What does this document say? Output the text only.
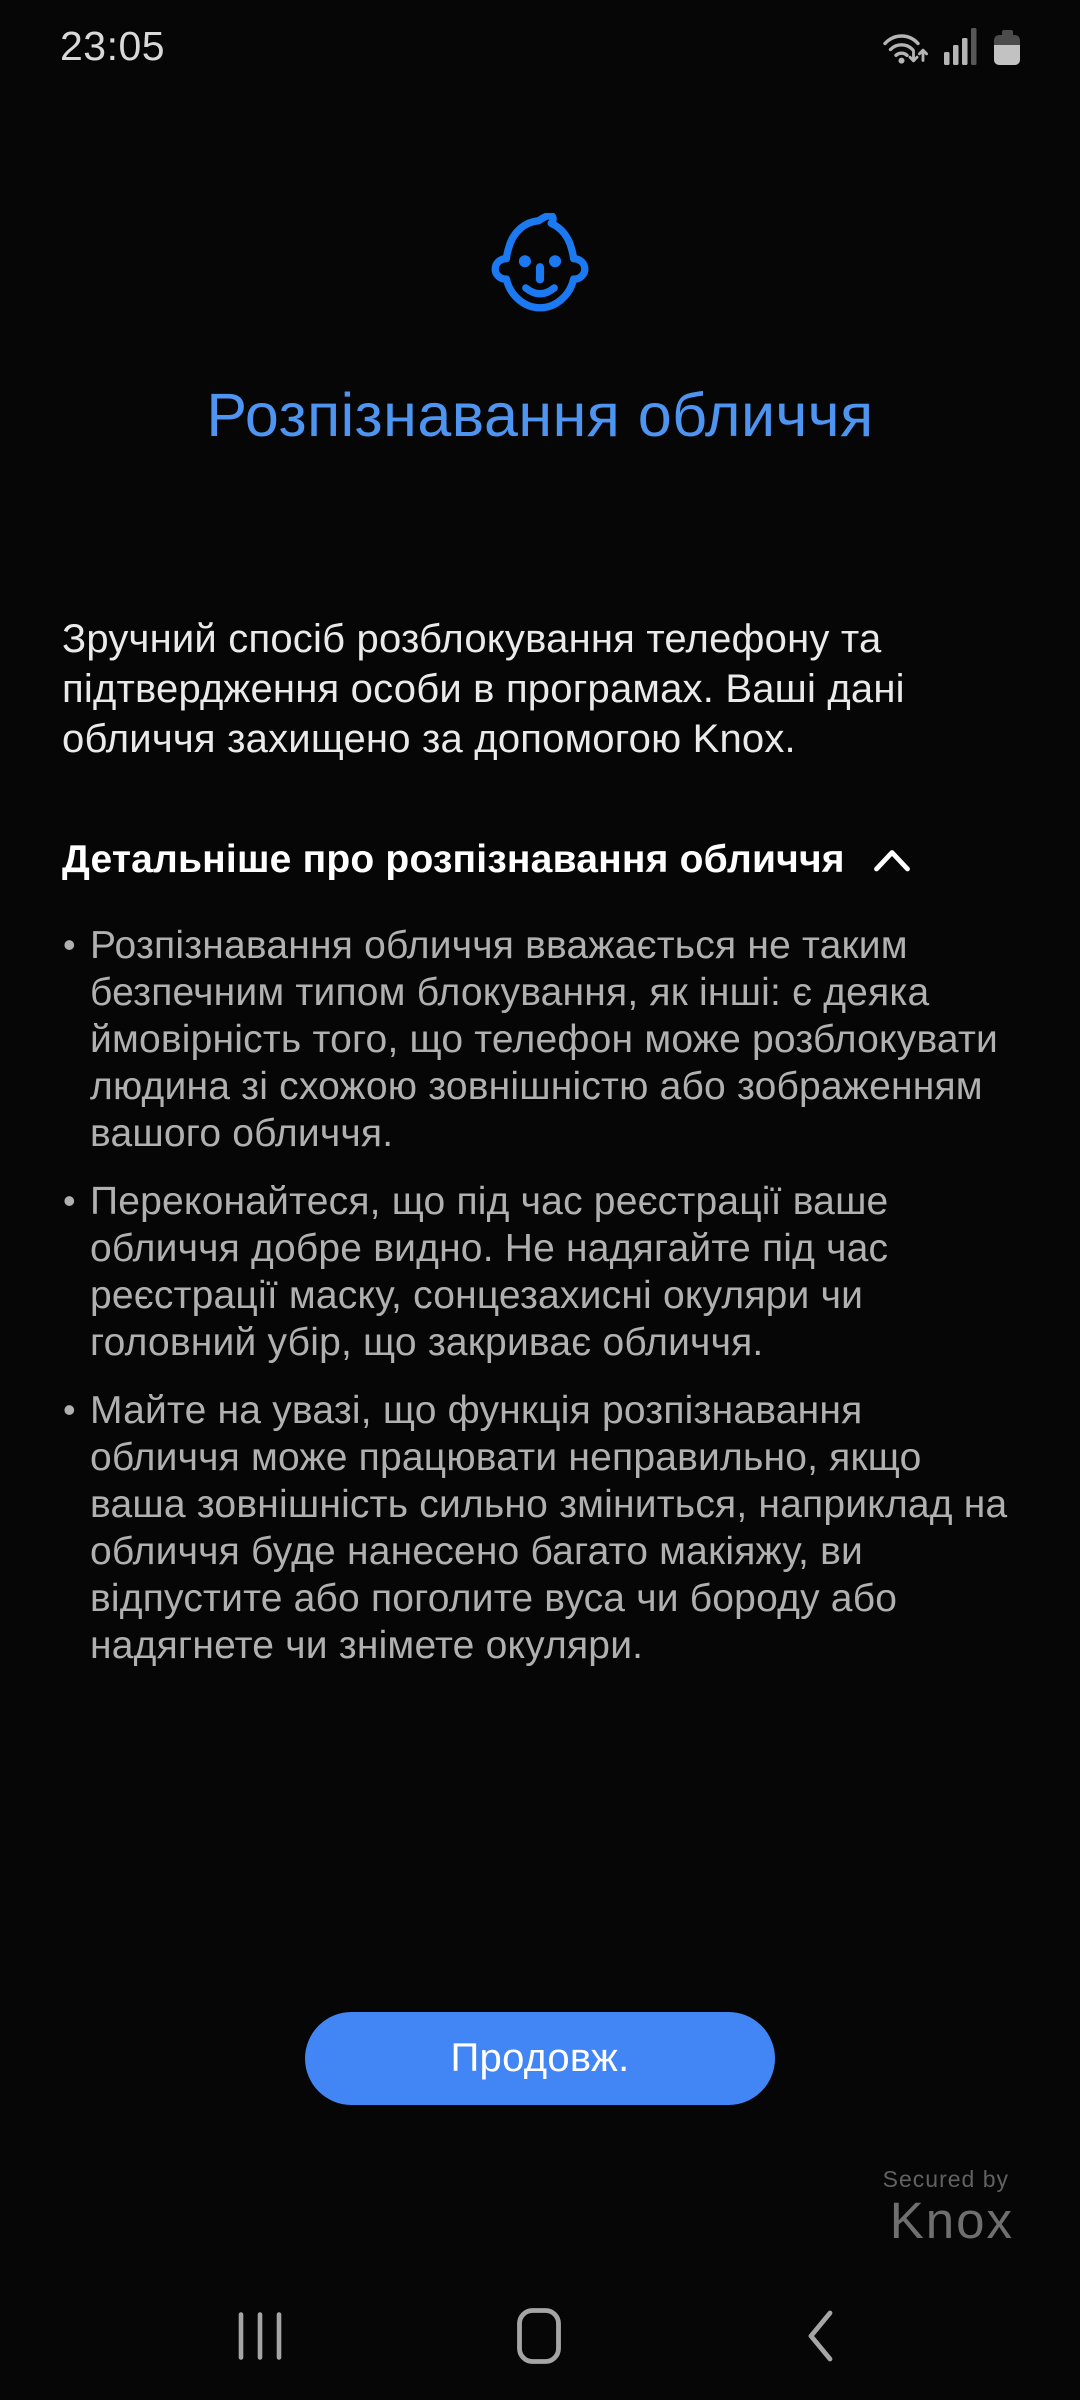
23:05
Розпізнавання обличчя

Зручний спосіб розблокування телефону та підтвердження особи в програмах. Ваші дані обличчя захищено за допомогою Knox.

Детальніше про розпізнавання обличчя
• Розпізнавання обличчя вважається не таким безпечним типом блокування, як інші: є деяка ймовірність того, що телефон може розблокувати людина зі схожою зовнішністю або зображенням вашого обличчя.
• Переконайтеся, що під час реєстрації ваше обличчя добре видно. Не надягайте під час реєстрації маску, сонцезахисні окуляри чи головний убір, що закриває обличчя.
• Майте на увазі, що функція розпізнавання обличчя може працювати неправильно, якщо ваша зовнішність сильно зміниться, наприклад на обличчя буде нанесено багато макіяжу, ви відпустите або поголите вуса чи бороду або надягнете чи знімете окуляри.
Продовж.
Secured by
Knox
